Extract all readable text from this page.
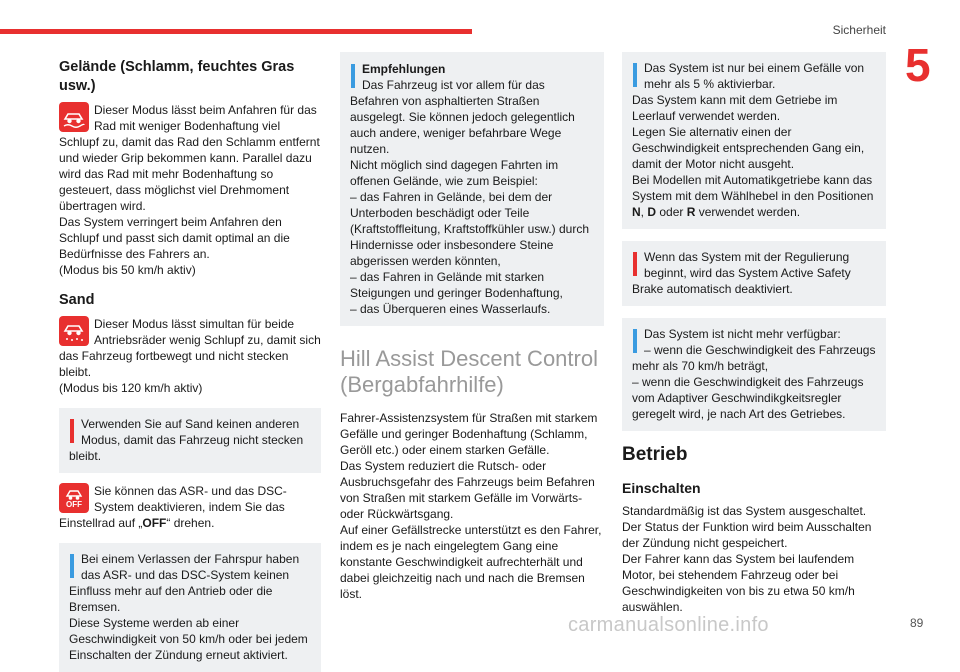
Sicherheit
5
Gelände (Schlamm, feuchtes Gras usw.)

Dieser Modus lässt beim Anfahren für das Rad mit weniger Bodenhaftung viel Schlupf zu, damit das Rad den Schlamm entfernt und wieder Grip bekommen kann. Parallel dazu wird das Rad mit mehr Bodenhaftung so gesteuert, dass möglichst viel Drehmoment übertragen wird.

Das System verringert beim Anfahren den Schlupf und passt sich damit optimal an die Bedürfnisse des Fahrers an.

(Modus bis 50 km/h aktiv)

Sand

Dieser Modus lässt simultan für beide Antriebsräder wenig Schlupf zu, damit sich das Fahrzeug fortbewegt und nicht stecken bleibt.

(Modus bis 120 km/h aktiv)

Verwenden Sie auf Sand keinen anderen Modus, damit das Fahrzeug nicht stecken bleibt.

OFF

Sie können das ASR- und das DSC-System deaktivieren, indem Sie das Einstellrad auf „OFF“ drehen.

Bei einem Verlassen der Fahrspur haben das ASR- und das DSC-System keinen Einfluss mehr auf den Antrieb oder die Bremsen.

Diese Systeme werden ab einer Geschwindigkeit von 50 km/h oder bei jedem Einschalten der Zündung erneut aktiviert.

Empfehlungen

Das Fahrzeug ist vor allem für das Befahren von asphaltierten Straßen ausgelegt. Sie können jedoch gelegentlich auch andere, weniger befahrbare Wege nutzen.

Nicht möglich sind dagegen Fahrten im offenen Gelände, wie zum Beispiel:

– das Fahren in Gelände, bei dem der Unterboden beschädigt oder Teile (Kraftstoffleitung, Kraftstoffkühler usw.) durch Hindernisse oder insbesondere Steine abgerissen werden könnten,

– das Fahren in Gelände mit starken Steigungen und geringer Bodenhaftung,

– das Überqueren eines Wasserlaufs.

Hill Assist Descent Control (Bergabfahrhilfe)

Fahrer-Assistenzsystem für Straßen mit starkem Gefälle und geringer Bodenhaftung (Schlamm, Geröll etc.) oder einem starken Gefälle.

Das System reduziert die Rutsch- oder Ausbruchsgefahr des Fahrzeugs beim Befahren von Straßen mit starkem Gefälle im Vorwärts- oder Rückwärtsgang.

Auf einer Gefällstrecke unterstützt es den Fahrer, indem es je nach eingelegtem Gang eine konstante Geschwindigkeit aufrechterhält und dabei gleichzeitig nach und nach die Bremsen löst.

Das System ist nur bei einem Gefälle von mehr als 5 % aktivierbar.

Das System kann mit dem Getriebe im Leerlauf verwendet werden.

Legen Sie alternativ einen der Geschwindigkeit entsprechenden Gang ein, damit der Motor nicht ausgeht.

Bei Modellen mit Automatikgetriebe kann das System mit dem Wählhebel in den Positionen N, D oder R verwendet werden.

Wenn das System mit der Regulierung beginnt, wird das System Active Safety Brake automatisch deaktiviert.

Das System ist nicht mehr verfügbar:

– wenn die Geschwindigkeit des Fahrzeugs mehr als 70 km/h beträgt,

– wenn die Geschwindigkeit des Fahrzeugs vom Adaptiver Geschwindikgkeitsregler geregelt wird, je nach Art des Getriebes.

Betrieb
Einschalten

Standardmäßig ist das System ausgeschaltet.

Der Status der Funktion wird beim Ausschalten der Zündung nicht gespeichert.

Der Fahrer kann das System bei laufendem Motor, bei stehendem Fahrzeug oder bei Geschwindigkeiten von bis zu etwa 50 km/h auswählen.

carmanualsonline.info	89
